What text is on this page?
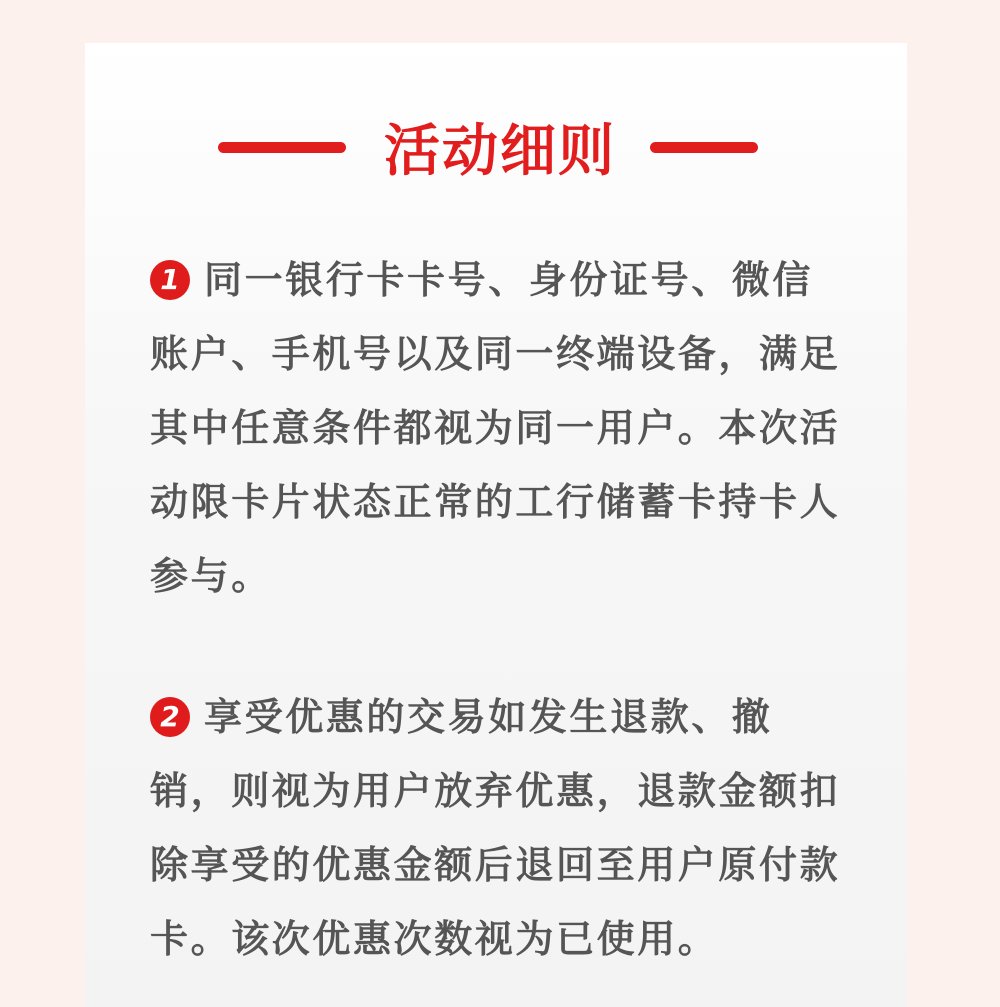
活动细则
1 同一银行卡卡号、身份证号、微信账户、手机号以及同一终端设备，满足其中任意条件都视为同一用户。本次活动限卡片状态正常的工行储蓄卡持卡人参与。
2 享受优惠的交易如发生退款、撤销，则视为用户放弃优惠，退款金额扣除享受的优惠金额后退回至用户原付款卡。该次优惠次数视为已使用。
